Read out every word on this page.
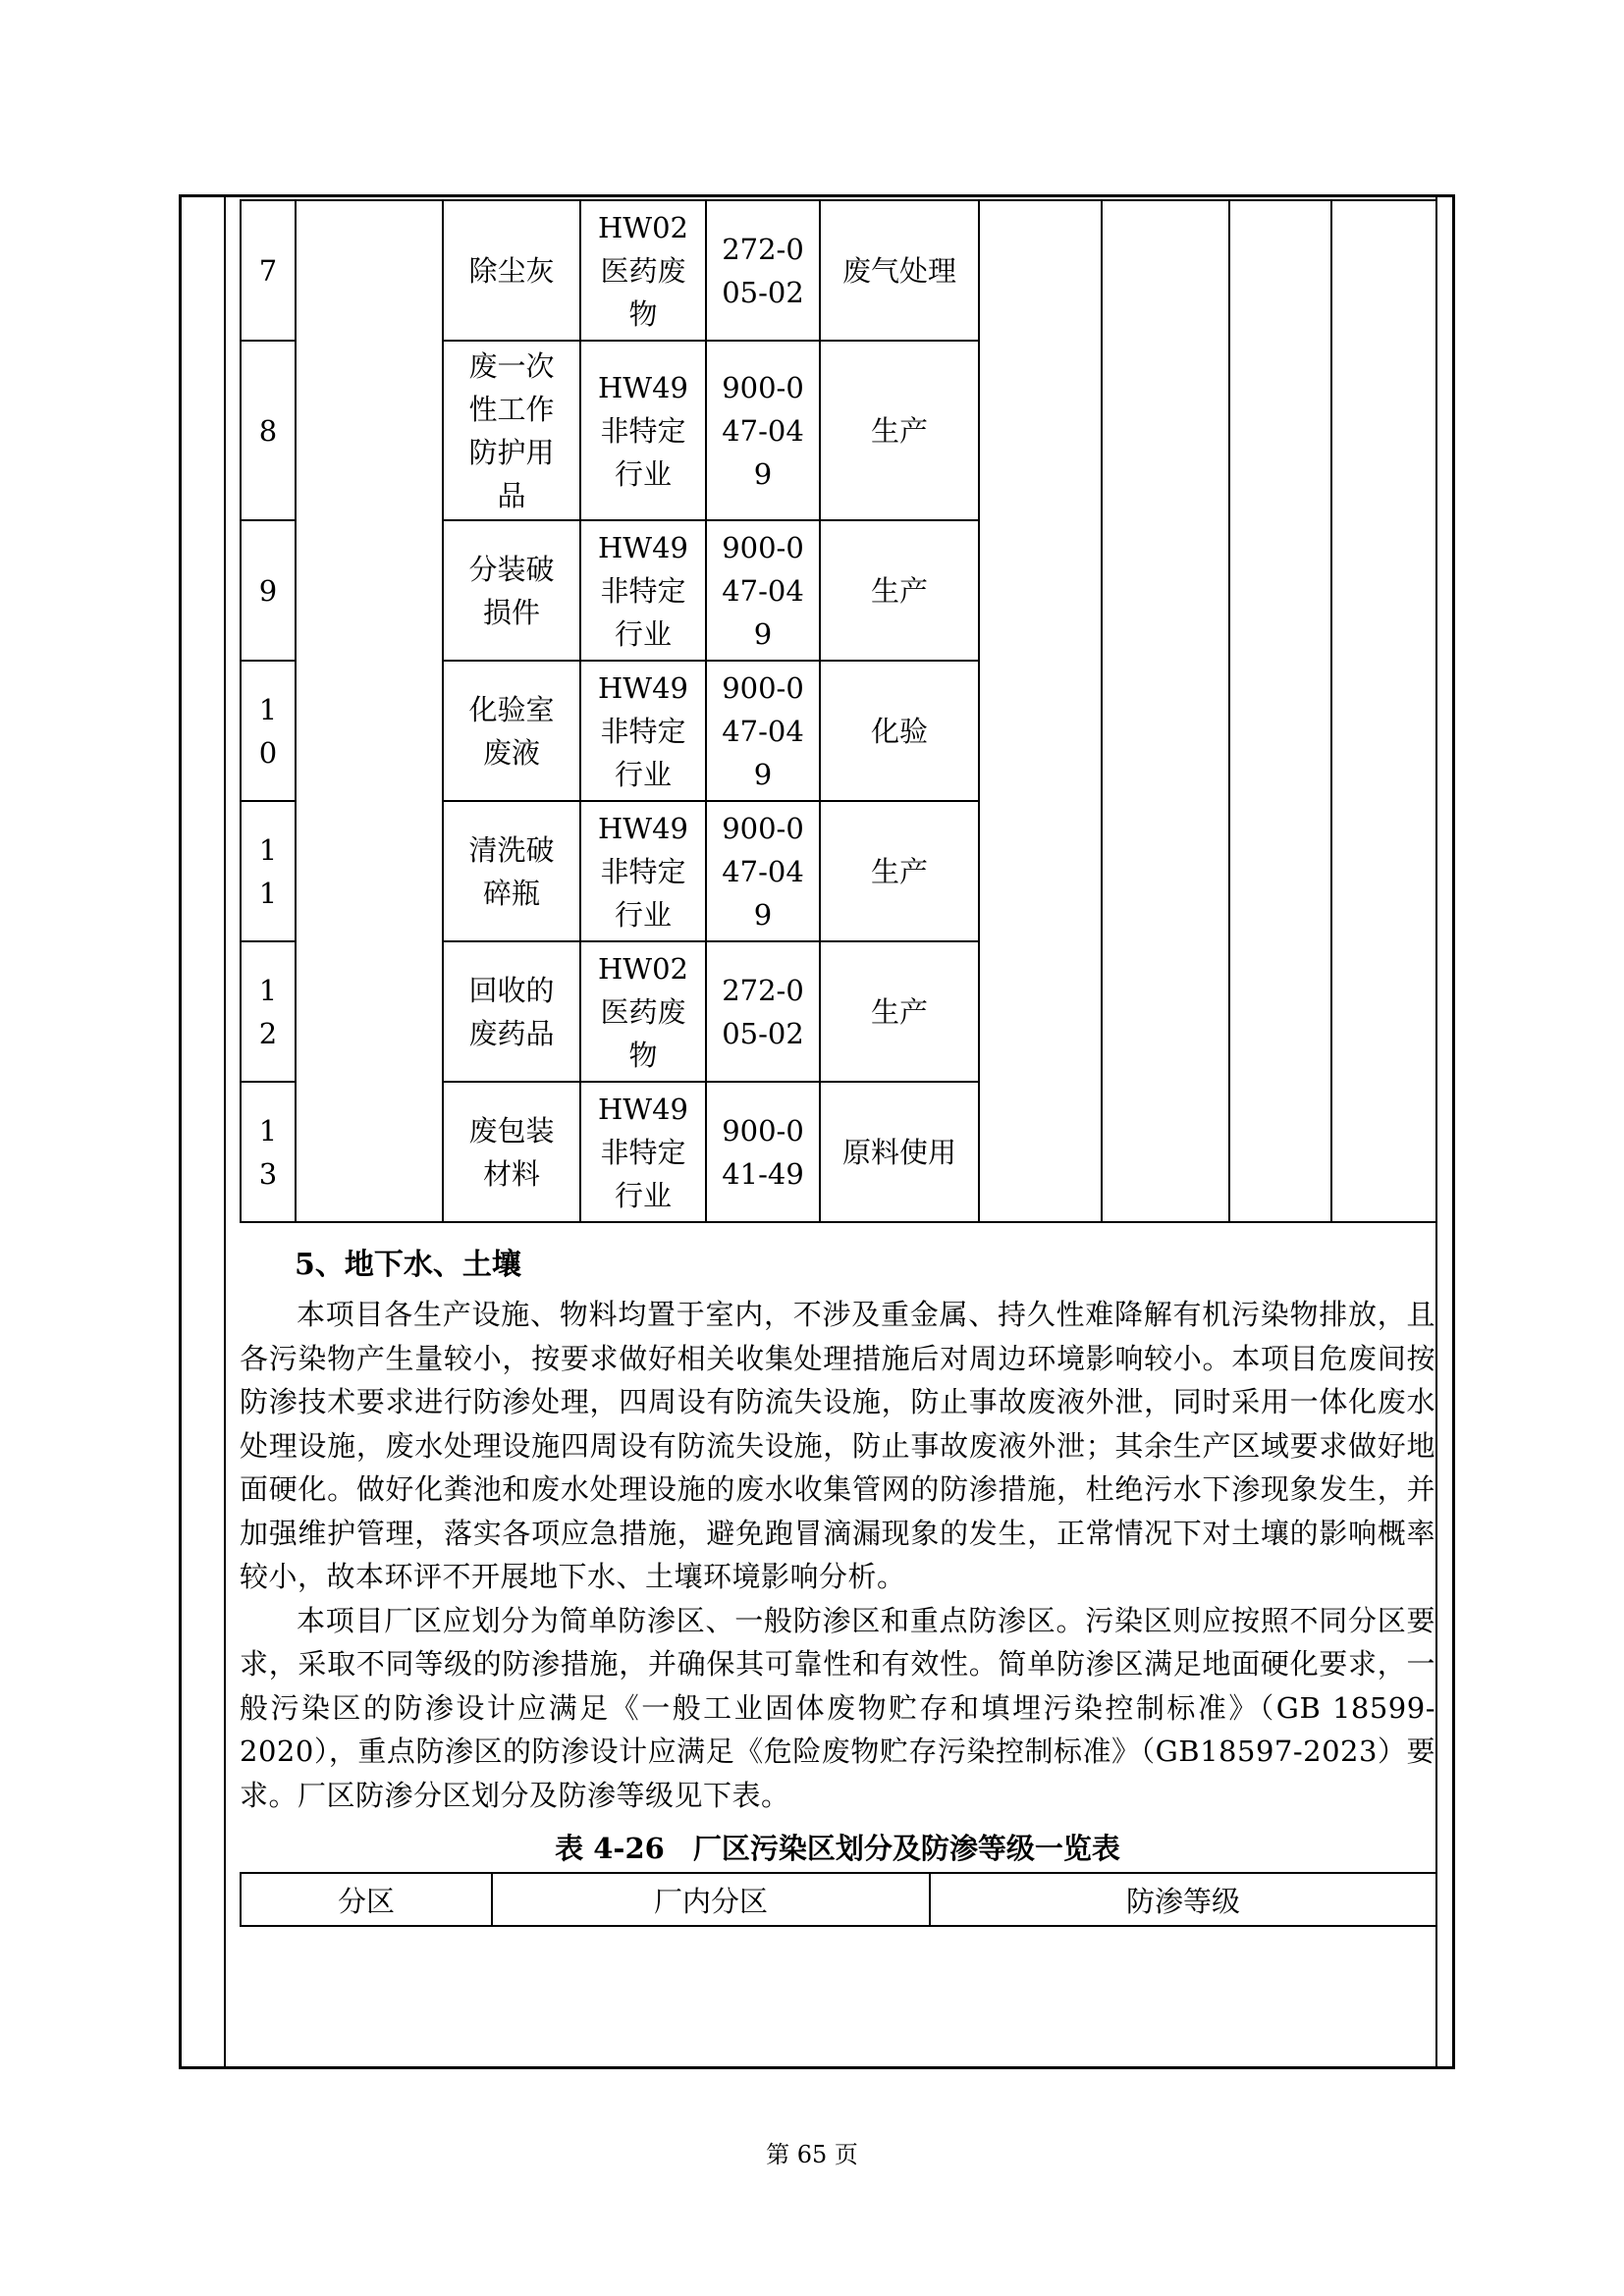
7		除尘灰	HW02医药废物	272-005-02	废气处理				
8		废一次性工作防护用品	HW49非特定行业	900-047-049	生产				
9		分装破损件	HW49非特定行业	900-047-049	生产				
10		化验室废液	HW49非特定行业	900-047-049	化验				
11		清洗破碎瓶	HW49非特定行业	900-047-049	生产				
12		回收的废药品	HW02医药废物	272-005-02	生产				
13		废包装材料	HW49非特定行业	900-041-49	原料使用				
5、地下水、土壤

本项目各生产设施、物料均置于室内，不涉及重金属、持久性难降解有机污染物排放，且各污染物产生量较小，按要求做好相关收集处理措施后对周边环境影响较小。本项目危废间按防渗技术要求进行防渗处理，四周设有防流失设施，防止事故废液外泄，同时采用一体化废水处理设施，废水处理设施四周设有防流失设施，防止事故废液外泄；其余生产区域要求做好地面硬化。做好化粪池和废水处理设施的废水收集管网的防渗措施，杜绝污水下渗现象发生，并加强维护管理，落实各项应急措施，避免跑冒滴漏现象的发生，正常情况下对土壤的影响概率较小，故本环评不开展地下水、土壤环境影响分析。

本项目厂区应划分为简单防渗区、一般防渗区和重点防渗区。污染区则应按照不同分区要求，采取不同等级的防渗措施，并确保其可靠性和有效性。简单防渗区满足地面硬化要求，一般污染区的防渗设计应满足《一般工业固体废物贮存和填埋污染控制标准》（GB 18599-2020），重点防渗区的防渗设计应满足《危险废物贮存污染控制标准》（GB18597-2023）要求。厂区防渗分区划分及防渗等级见下表。

表 4-26　厂区污染区划分及防渗等级一览表
分区	厂内分区	防渗等级
第 65 页
